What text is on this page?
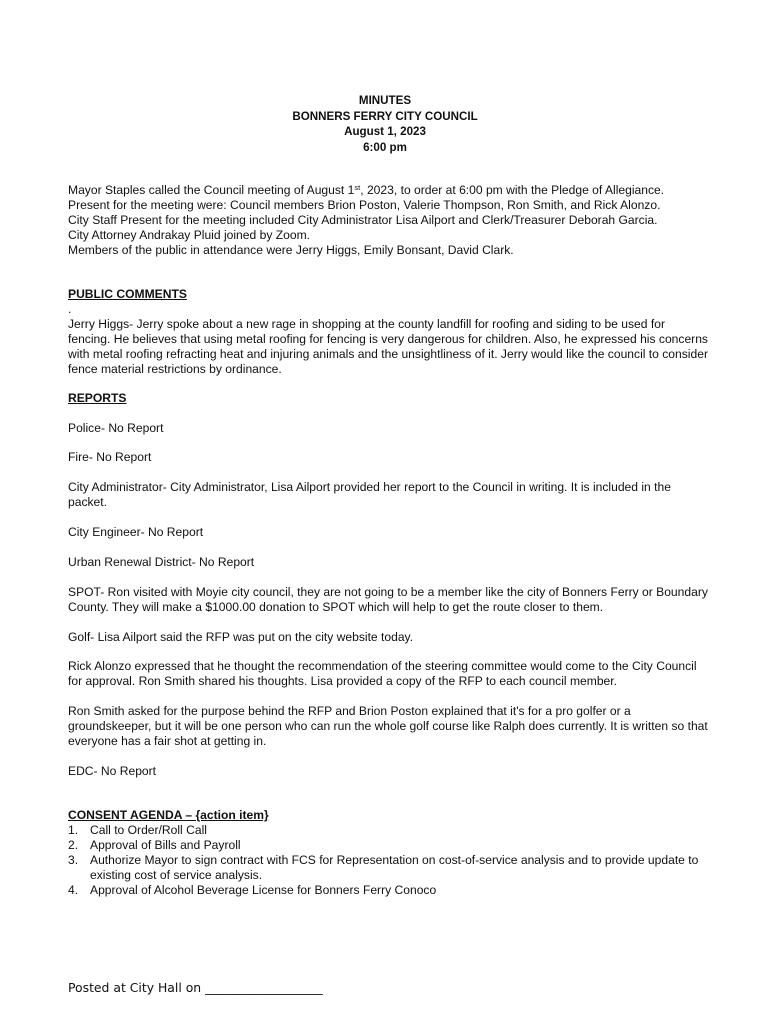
MINUTES
BONNERS FERRY CITY COUNCIL
August 1, 2023
6:00 pm

Mayor Staples called the Council meeting of August 1st, 2023, to order at 6:00 pm with the Pledge of Allegiance.

Present for the meeting were: Council members Brion Poston, Valerie Thompson, Ron Smith, and Rick Alonzo.

City Staff Present for the meeting included City Administrator Lisa Ailport and Clerk/Treasurer Deborah Garcia.

City Attorney Andrakay Pluid joined by Zoom.

Members of the public in attendance were Jerry Higgs, Emily Bonsant, David Clark.

PUBLIC COMMENTS

.

Jerry Higgs- Jerry spoke about a new rage in shopping at the county landfill for roofing and siding to be used for fencing. He believes that using metal roofing for fencing is very dangerous for children. Also, he expressed his concerns with metal roofing refracting heat and injuring animals and the unsightliness of it. Jerry would like the council to consider fence material restrictions by ordinance.

REPORTS

Police- No Report
Fire- No Report
City Administrator- City Administrator, Lisa Ailport provided her report to the Council in writing. It is included in the packet.
City Engineer- No Report
Urban Renewal District- No Report
SPOT- Ron visited with Moyie city council, they are not going to be a member like the city of Bonners Ferry or Boundary County. They will make a $1000.00 donation to SPOT which will help to get the route closer to them.
Golf- Lisa Ailport said the RFP was put on the city website today.
Rick Alonzo expressed that he thought the recommendation of the steering committee would come to the City Council for approval. Ron Smith shared his thoughts. Lisa provided a copy of the RFP to each council member.
Ron Smith asked for the purpose behind the RFP and Brion Poston explained that it's for a pro golfer or a groundskeeper, but it will be one person who can run the whole golf course like Ralph does currently. It is written so that everyone has a fair shot at getting in.
EDC- No Report

CONSENT AGENDA – {action item}

1. Call to Order/Roll Call
2. Approval of Bills and Payroll
3. Authorize Mayor to sign contract with FCS for Representation on cost-of-service analysis and to provide update to existing cost of service analysis.
4. Approval of Alcohol Beverage License for Bonners Ferry Conoco
Posted at City Hall on ___________________
